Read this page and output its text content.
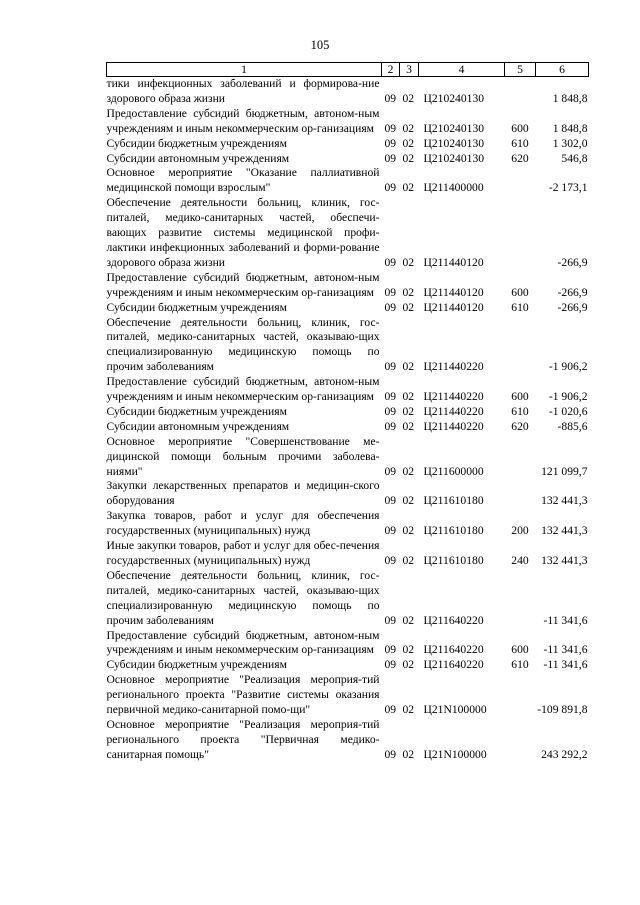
105
1	2	3	4	5	6
тики инфекционных заболеваний и формирова-ние здорового образа жизни	09	02	Ц210240130		1 848,8
Предоставление субсидий бюджетным, автоном-ным учреждениям и иным некоммерческим ор-ганизациям	09	02	Ц210240130	600	1 848,8
Субсидии бюджетным учреждениям	09	02	Ц210240130	610	1 302,0
Субсидии автономным учреждениям	09	02	Ц210240130	620	546,8
Основное мероприятие "Оказание паллиативной медицинской помощи взрослым"	09	02	Ц211400000		-2 173,1
Обеспечение деятельности больниц, клиник, гос-питалей, медико-санитарных частей, обеспечи-вающих развитие системы медицинской профи-лактики инфекционных заболеваний и форми-рование здорового образа жизни	09	02	Ц211440120		-266,9
Предоставление субсидий бюджетным, автоном-ным учреждениям и иным некоммерческим ор-ганизациям	09	02	Ц211440120	600	-266,9
Субсидии бюджетным учреждениям	09	02	Ц211440120	610	-266,9
Обеспечение деятельности больниц, клиник, гос-питалей, медико-санитарных частей, оказываю-щих специализированную медицинскую помощь по прочим заболеваниям	09	02	Ц211440220		-1 906,2
Предоставление субсидий бюджетным, автоном-ным учреждениям и иным некоммерческим ор-ганизациям	09	02	Ц211440220	600	-1 906,2
Субсидии бюджетным учреждениям	09	02	Ц211440220	610	-1 020,6
Субсидии автономным учреждениям	09	02	Ц211440220	620	-885,6
Основное мероприятие "Совершенствование ме-дицинской помощи больным прочими заболева-ниями"	09	02	Ц211600000		121 099,7
Закупки лекарственных препаратов и медицин-ского оборудования	09	02	Ц211610180		132 441,3
Закупка товаров, работ и услуг для обеспечения государственных (муниципальных) нужд	09	02	Ц211610180	200	132 441,3
Иные закупки товаров, работ и услуг для обес-печения государственных (муниципальных) нужд	09	02	Ц211610180	240	132 441,3
Обеспечение деятельности больниц, клиник, гос-питалей, медико-санитарных частей, оказываю-щих специализированную медицинскую помощь по прочим заболеваниям	09	02	Ц211640220		-11 341,6
Предоставление субсидий бюджетным, автоном-ным учреждениям и иным некоммерческим ор-ганизациям	09	02	Ц211640220	600	-11 341,6
Субсидии бюджетным учреждениям	09	02	Ц211640220	610	-11 341,6
Основное мероприятие "Реализация мероприя-тий регионального проекта "Развитие системы оказания первичной медико-санитарной помо-щи"	09	02	Ц21N100000		-109 891,8
Основное мероприятие "Реализация мероприя-тий регионального проекта "Первичная медико-санитарная помощь"	09	02	Ц21N100000		243 292,2
